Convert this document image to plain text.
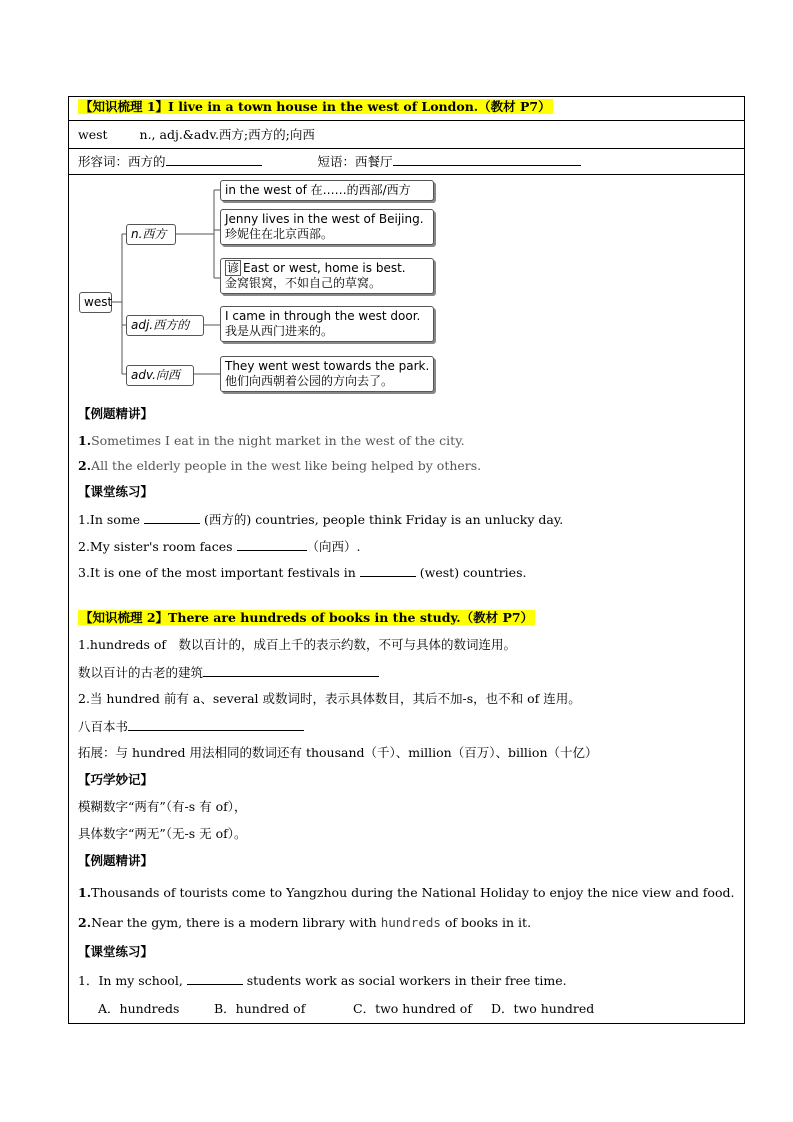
【知识梳理 1】I live in a town house in the west of London.（教材 P7）
west	n., adj.&adv.西方;西方的;向西
形容词：西方的	短语：西餐厅
west
n.西方
adj.西方的
adv.向西
in the west of 在……的西部/西方
Jenny lives in the west of Beijing.
珍妮住在北京西部。
谚 East or west, home is best.
金窝银窝，不如自己的草窝。
I came in through the west door.
我是从西门进来的。
They went west towards the park.
他们向西朝着公园的方向去了。
【例题精讲】
1.Sometimes I eat in the night market in the west of the city.
2.All the elderly people in the west like being helped by others.
【课堂练习】
1.In some	(西方的) countries, people think Friday is an unlucky day.
2.My sister's room faces	（向西）.
3.It is one of the most important festivals in	(west) countries.
【知识梳理 2】There are hundreds of books in the study.（教材 P7）
1.hundreds of　数以百计的，成百上千的表示约数，不可与具体的数词连用。
数以百计的古老的建筑
2.当 hundred 前有 a、several 或数词时，表示具体数目，其后不加-s，也不和 of 连用。
八百本书
拓展：与 hundred 用法相同的数词还有 thousand（千）、million（百万）、billion（十亿）
【巧学妙记】
模糊数字“两有”（有-s 有 of），
具体数字“两无”（无-s 无 of）。
【例题精讲】
1.Thousands of tourists come to Yangzhou during the National Holiday to enjoy the nice view and food.
2.Near the gym, there is a modern library with hundreds of books in it.
【课堂练习】
1．In my school,	students work as social workers in their free time.
A．hundreds	B．hundred of	C．two hundred of D．two hundred
